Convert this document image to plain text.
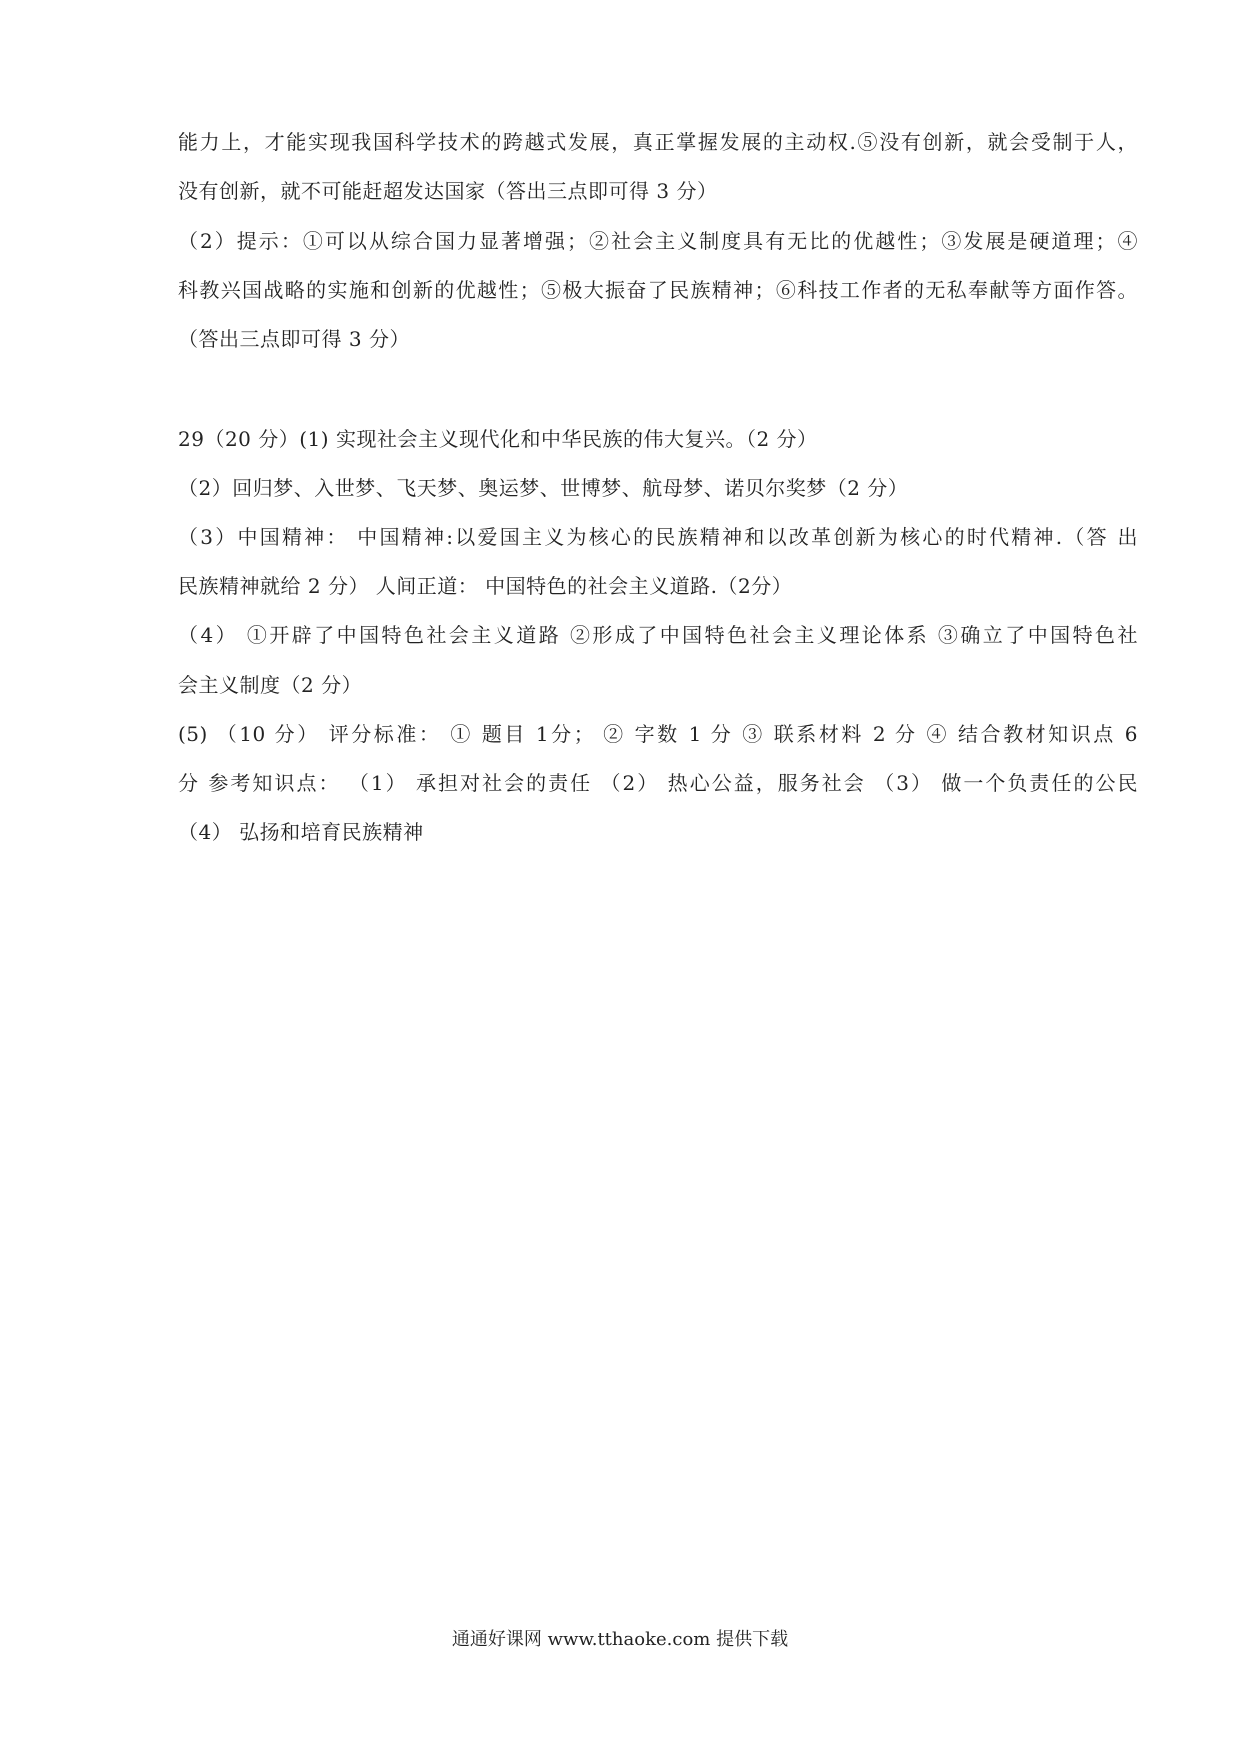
能力上，才能实现我国科学技术的跨越式发展，真正掌握发展的主动权.⑤没有创新，就会受制于人，
没有创新，就不可能赶超发达国家（答出三点即可得 3 分）
（2）提示：①可以从综合国力显著增强；②社会主义制度具有无比的优越性；③发展是硬道理；④
科教兴国战略的实施和创新的优越性；⑤极大振奋了民族精神；⑥科技工作者的无私奉献等方面作答。
（答出三点即可得 3 分）
29（20 分）(1) 实现社会主义现代化和中华民族的伟大复兴。（2 分）
（2）回归梦、入世梦、飞天梦、奥运梦、世博梦、航母梦、诺贝尔奖梦（2 分）
（3）中国精神： 中国精神:以爱国主义为核心的民族精神和以改革创新为核心的时代精神.（答 出
民族精神就给 2 分） 人间正道： 中国特色的社会主义道路.（2分）
（4） ①开辟了中国特色社会主义道路 ②形成了中国特色社会主义理论体系 ③确立了中国特色社
会主义制度（2 分）
(5) （10 分） 评分标准： ① 题目 1分； ② 字数 1 分 ③ 联系材料 2 分 ④ 结合教材知识点 6
分 参考知识点： （1） 承担对社会的责任 （2） 热心公益，服务社会 （3） 做一个负责任的公民
（4） 弘扬和培育民族精神
通通好课网 www.tthaoke.com 提供下载
